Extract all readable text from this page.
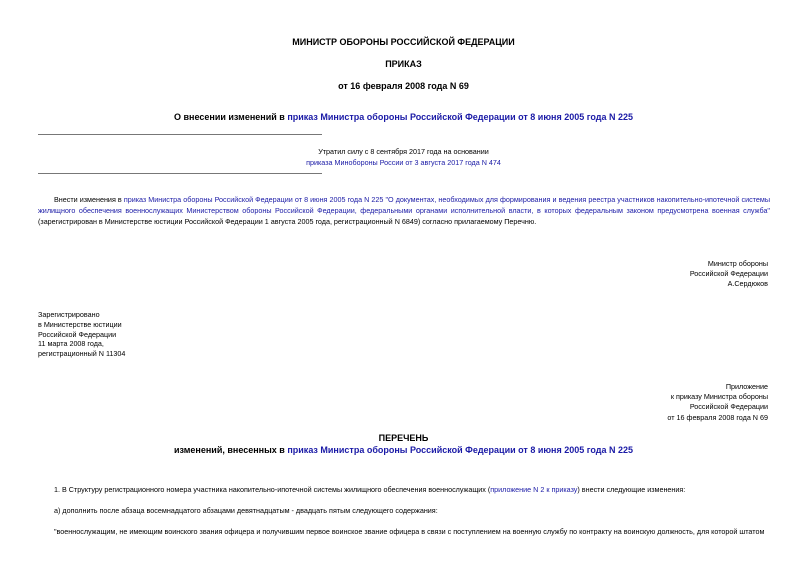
МИНИСТР ОБОРОНЫ РОССИЙСКОЙ ФЕДЕРАЦИИ
ПРИКАЗ
от 16 февраля 2008 года N 69
О внесении изменений в приказ Министра обороны Российской Федерации от 8 июня 2005 года N 225
Утратил силу с 8 сентября 2017 года на основании
приказа Минобороны России от 3 августа 2017 года N 474
Внести изменения в приказ Министра обороны Российской Федерации от 8 июня 2005 года N 225 "О документах, необходимых для формирования и ведения реестра участников накопительно-ипотечной системы жилищного обеспечения военнослужащих Министерством обороны Российской Федерации, федеральными органами исполнительной власти, в которых федеральным законом предусмотрена военная служба" (зарегистрирован в Министерстве юстиции Российской Федерации 1 августа 2005 года, регистрационный N 6849) согласно прилагаемому Перечню.
Министр обороны
Российской Федерации
А.Сердюков
Зарегистрировано
в Министерстве юстиции
Российской Федерации
11 марта 2008 года,
регистрационный N 11304
Приложение
к приказу Министра обороны
Российской Федерации
от 16 февраля 2008 года N 69
ПЕРЕЧЕНЬ
изменений, внесенных в приказ Министра обороны Российской Федерации от 8 июня 2005 года N 225
1. В Структуру регистрационного номера участника накопительно-ипотечной системы жилищного обеспечения военнослужащих (приложение N 2 к приказу) внести следующие изменения:
а) дополнить после абзаца восемнадцатого абзацами девятнадцатым - двадцать пятым следующего содержания:
"военнослужащим, не имеющим воинского звания офицера и получившим первое воинское звание офицера в связи с поступлением на военную службу по контракту на воинскую должность, для которой штатом
